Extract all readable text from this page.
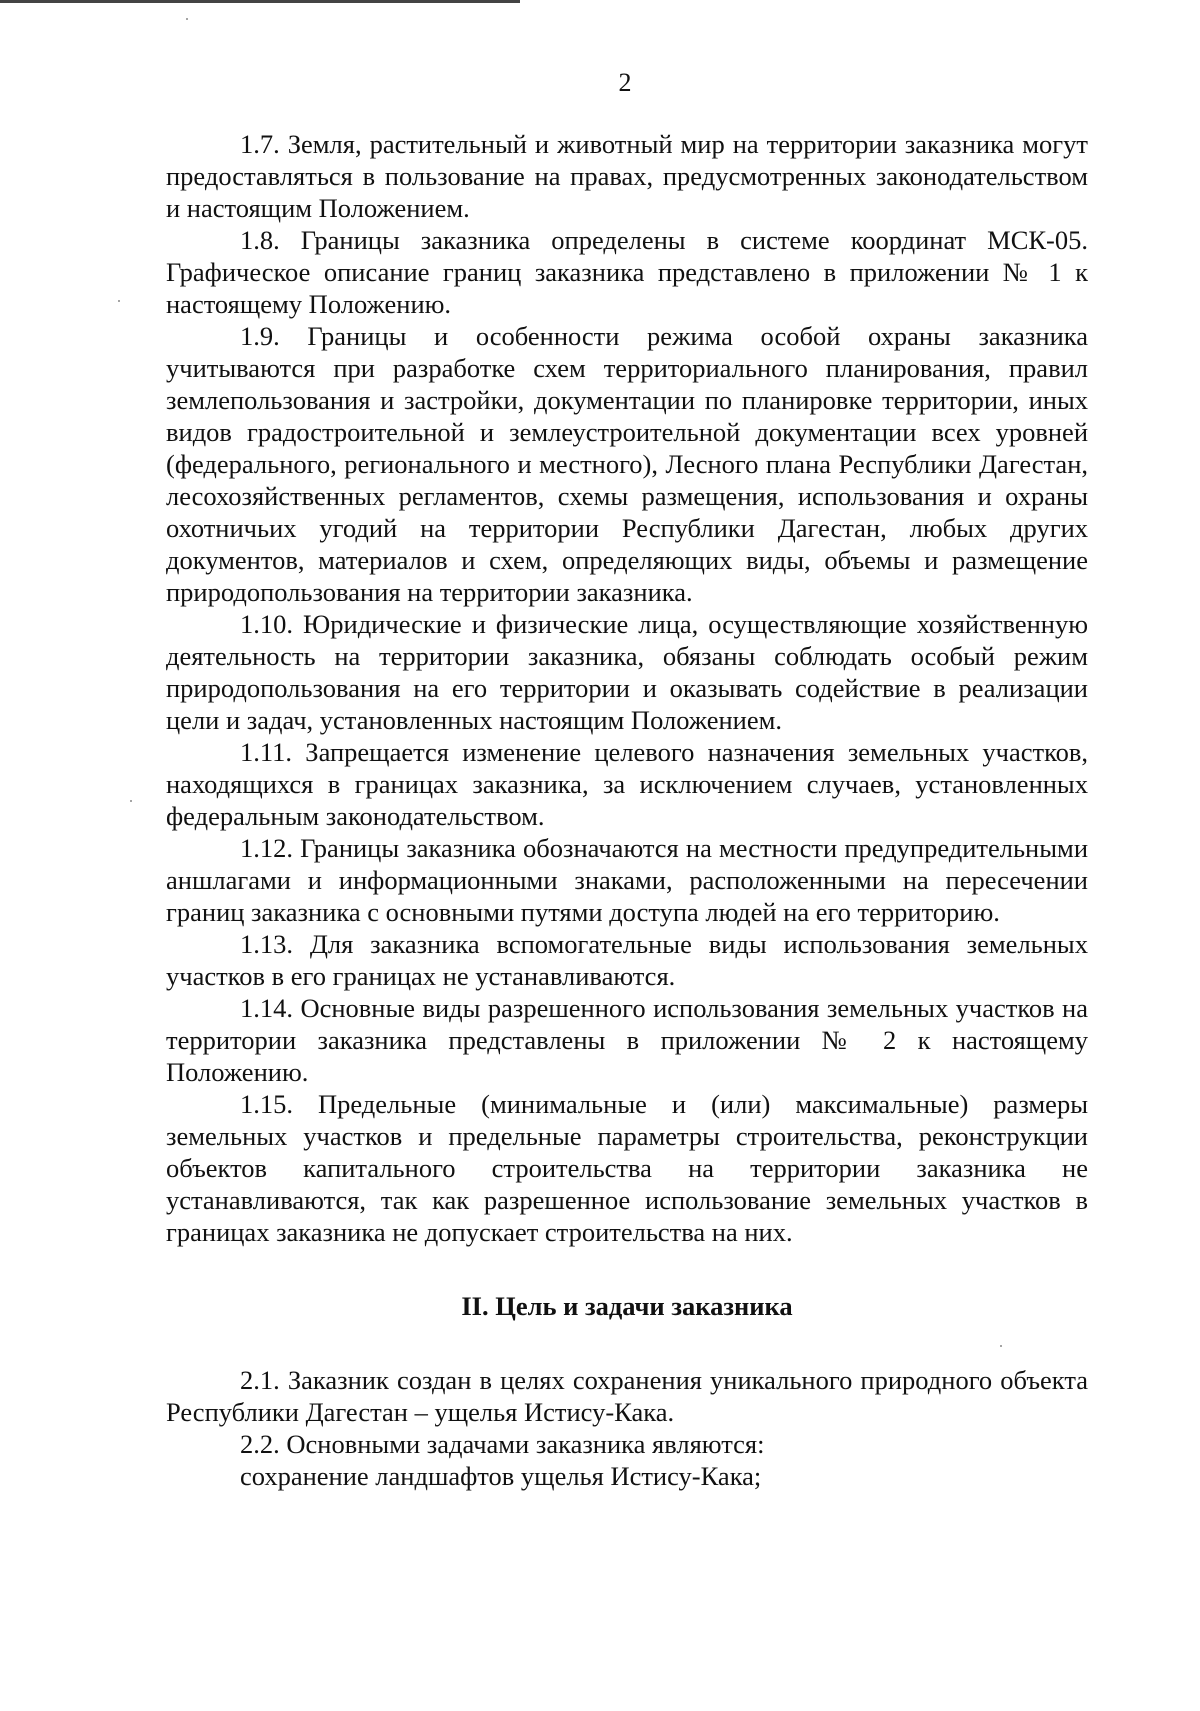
2

1.7. Земля, растительный и животный мир на территории заказника могут предоставляться в пользование на правах, предусмотренных законодательством и настоящим Положением.

1.8. Границы заказника определены в системе координат МСК-05. Графическое описание границ заказника представлено в приложении № 1 к настоящему Положению.

1.9. Границы и особенности режима особой охраны заказника учитываются при разработке схем территориального планирования, правил землепользования и застройки, документации по планировке территории, иных видов градостроительной и землеустроительной документации всех уровней (федерального, регионального и местного), Лесного плана Республики Дагестан, лесохозяйственных регламентов, схемы размещения, использования и охраны охотничьих угодий на территории Республики Дагестан, любых других документов, материалов и схем, определяющих виды, объемы и размещение природопользования на территории заказника.

1.10. Юридические и физические лица, осуществляющие хозяйственную деятельность на территории заказника, обязаны соблюдать особый режим природопользования на его территории и оказывать содействие в реализации цели и задач, установленных настоящим Положением.

1.11. Запрещается изменение целевого назначения земельных участков, находящихся в границах заказника, за исключением случаев, установленных федеральным законодательством.

1.12. Границы заказника обозначаются на местности предупредительными аншлагами и информационными знаками, расположенными на пересечении границ заказника с основными путями доступа людей на его территорию.

1.13. Для заказника вспомогательные виды использования земельных участков в его границах не устанавливаются.

1.14. Основные виды разрешенного использования земельных участков на территории заказника представлены в приложении № 2 к настоящему Положению.

1.15. Предельные (минимальные и (или) максимальные) размеры земельных участков и предельные параметры строительства, реконструкции объектов капитального строительства на территории заказника не устанавливаются, так как разрешенное использование земельных участков в границах заказника не допускает строительства на них.

II. Цель и задачи заказника

2.1. Заказник создан в целях сохранения уникального природного объекта Республики Дагестан – ущелья Истису-Кака.

2.2. Основными задачами заказника являются:

сохранение ландшафтов ущелья Истису-Кака;
